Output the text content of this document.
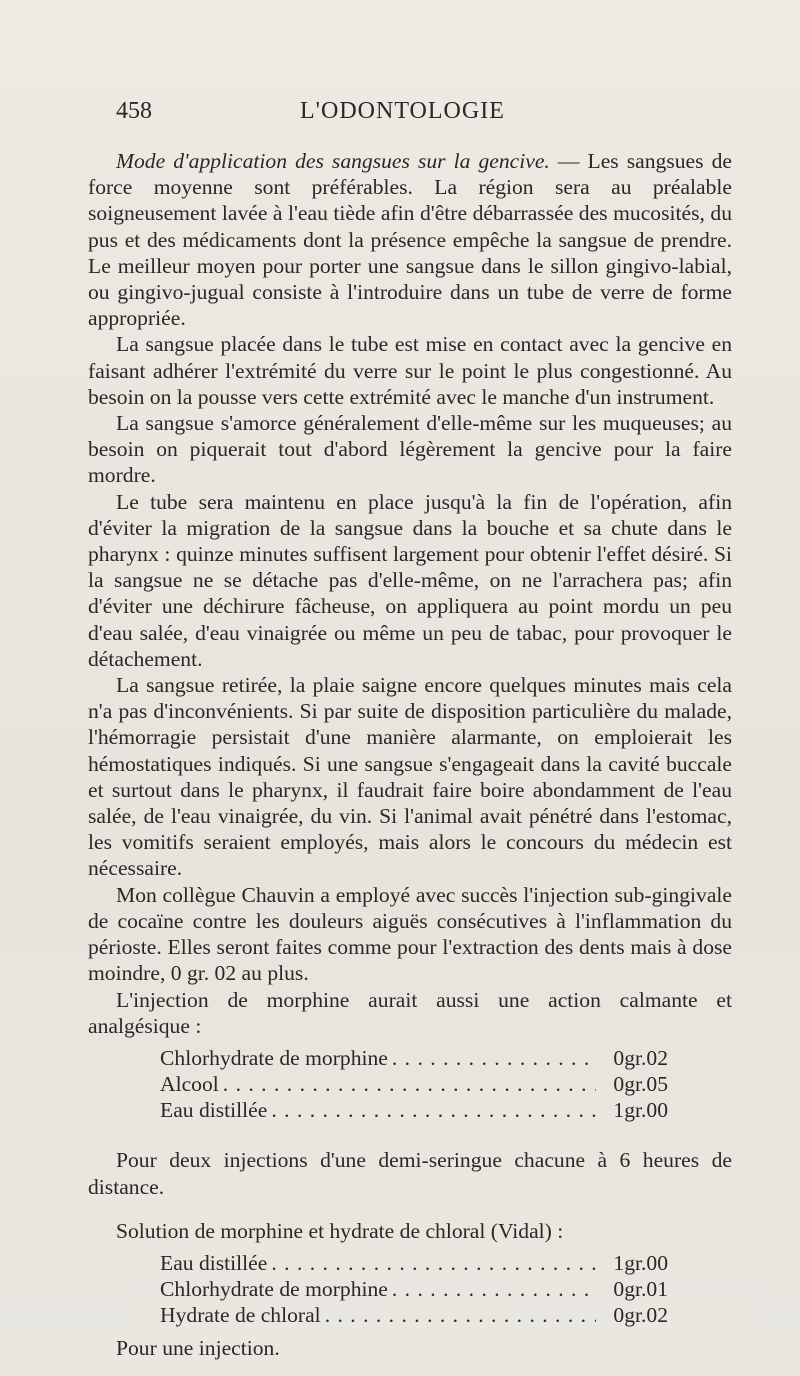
458	L'ODONTOLOGIE

Mode d'application des sangsues sur la gencive. — Les sangsues de force moyenne sont préférables. La région sera au préalable soigneusement lavée à l'eau tiède afin d'être débarrassée des mucosités, du pus et des médicaments dont la présence empêche la sangsue de prendre. Le meilleur moyen pour porter une sangsue dans le sillon gingivo-labial, ou gingivo-jugual consiste à l'introduire dans un tube de verre de forme appropriée.

La sangsue placée dans le tube est mise en contact avec la gencive en faisant adhérer l'extrémité du verre sur le point le plus congestionné. Au besoin on la pousse vers cette extrémité avec le manche d'un instrument.

La sangsue s'amorce généralement d'elle-même sur les muqueuses; au besoin on piquerait tout d'abord légèrement la gencive pour la faire mordre.

Le tube sera maintenu en place jusqu'à la fin de l'opération, afin d'éviter la migration de la sangsue dans la bouche et sa chute dans le pharynx : quinze minutes suffisent largement pour obtenir l'effet désiré. Si la sangsue ne se détache pas d'elle-même, on ne l'arrachera pas; afin d'éviter une déchirure fâcheuse, on appliquera au point mordu un peu d'eau salée, d'eau vinaigrée ou même un peu de tabac, pour provoquer le détachement.

La sangsue retirée, la plaie saigne encore quelques minutes mais cela n'a pas d'inconvénients. Si par suite de disposition particulière du malade, l'hémorragie persistait d'une manière alarmante, on emploierait les hémostatiques indiqués. Si une sangsue s'engageait dans la cavité buccale et surtout dans le pharynx, il faudrait faire boire abondamment de l'eau salée, de l'eau vinaigrée, du vin. Si l'animal avait pénétré dans l'estomac, les vomitifs seraient employés, mais alors le concours du médecin est nécessaire.

Mon collègue Chauvin a employé avec succès l'injection sub-gingivale de cocaïne contre les douleurs aiguës consécutives à l'inflammation du périoste. Elles seront faites comme pour l'extraction des dents mais à dose moindre, 0 gr. 02 au plus.

L'injection de morphine aurait aussi une action calmante et analgésique :

Chlorhydrate de morphine . . .	0gr.02
Alcool . . .	0gr.05
Eau distillée . . .	1gr.00

Pour deux injections d'une demi-seringue chacune à 6 heures de distance.

Solution de morphine et hydrate de chloral (Vidal) :

Eau distillée . . .	1gr.00
Chlorhydrate de morphine . . .	0gr.01
Hydrate de chloral . . .	0gr.02

Pour une injection.
